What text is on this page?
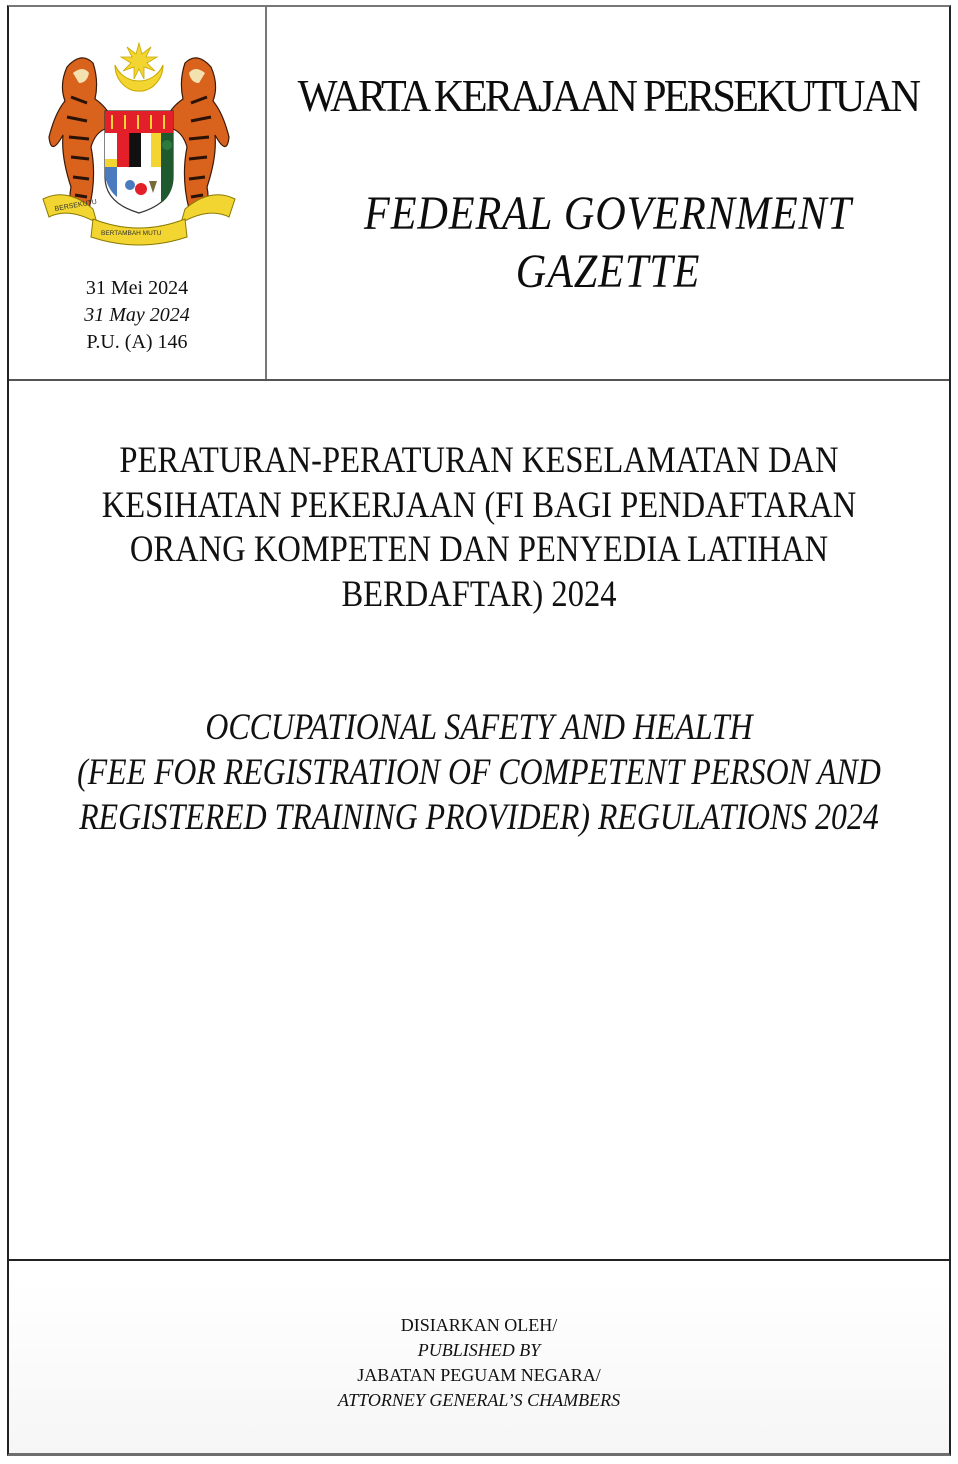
BERSEKUTU
BERTAMBAH MUTU
31 Mei 2024
31 May 2024
P.U. (A) 146
WARTA KERAJAAN PERSEKUTUAN
FEDERAL GOVERNMENT
GAZETTE
PERATURAN-PERATURAN KESELAMATAN DAN
KESIHATAN PEKERJAAN (FI BAGI PENDAFTARAN
ORANG KOMPETEN DAN PENYEDIA LATIHAN
BERDAFTAR) 2024
OCCUPATIONAL SAFETY AND HEALTH
(FEE FOR REGISTRATION OF COMPETENT PERSON AND
REGISTERED TRAINING PROVIDER) REGULATIONS 2024
DISIARKAN OLEH/
PUBLISHED BY
JABATAN PEGUAM NEGARA/
ATTORNEY GENERAL’S CHAMBERS
